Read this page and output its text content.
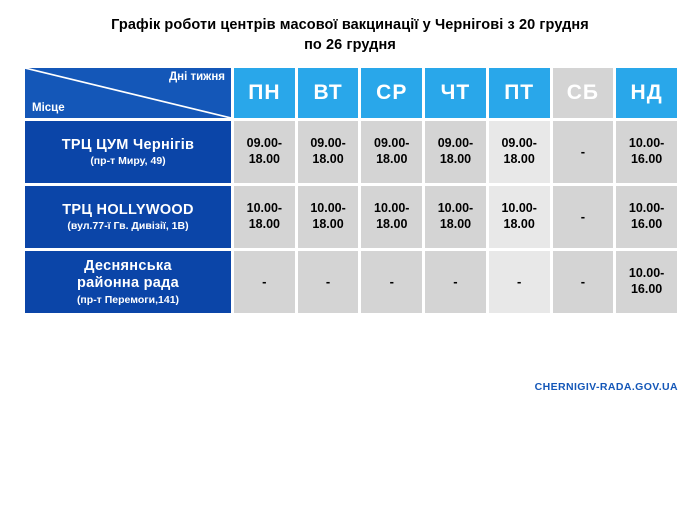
Графік роботи центрів масової вакцинації у Чернігові з 20 грудня
по 26 грудня
Дні тижня
Місце	ПН	ВТ	СР	ЧТ	ПТ	СБ	НД

ТРЦ ЦУМ Чернігів
(пр-т Миру, 49)	09.00-
18.00	09.00-
18.00	09.00-
18.00	09.00-
18.00	09.00-
18.00	-	10.00-
16.00

ТРЦ HOLLYWOOD
(вул.77-ї Гв. Дивізії, 1В)	10.00-
18.00	10.00-
18.00	10.00-
18.00	10.00-
18.00	10.00-
18.00	-	10.00-
16.00

Деснянська
районна рада
(пр-т Перемоги,141)	-	-	-	-	-	-	10.00-
16.00
CHERNIGIV-RADA.GOV.UA
